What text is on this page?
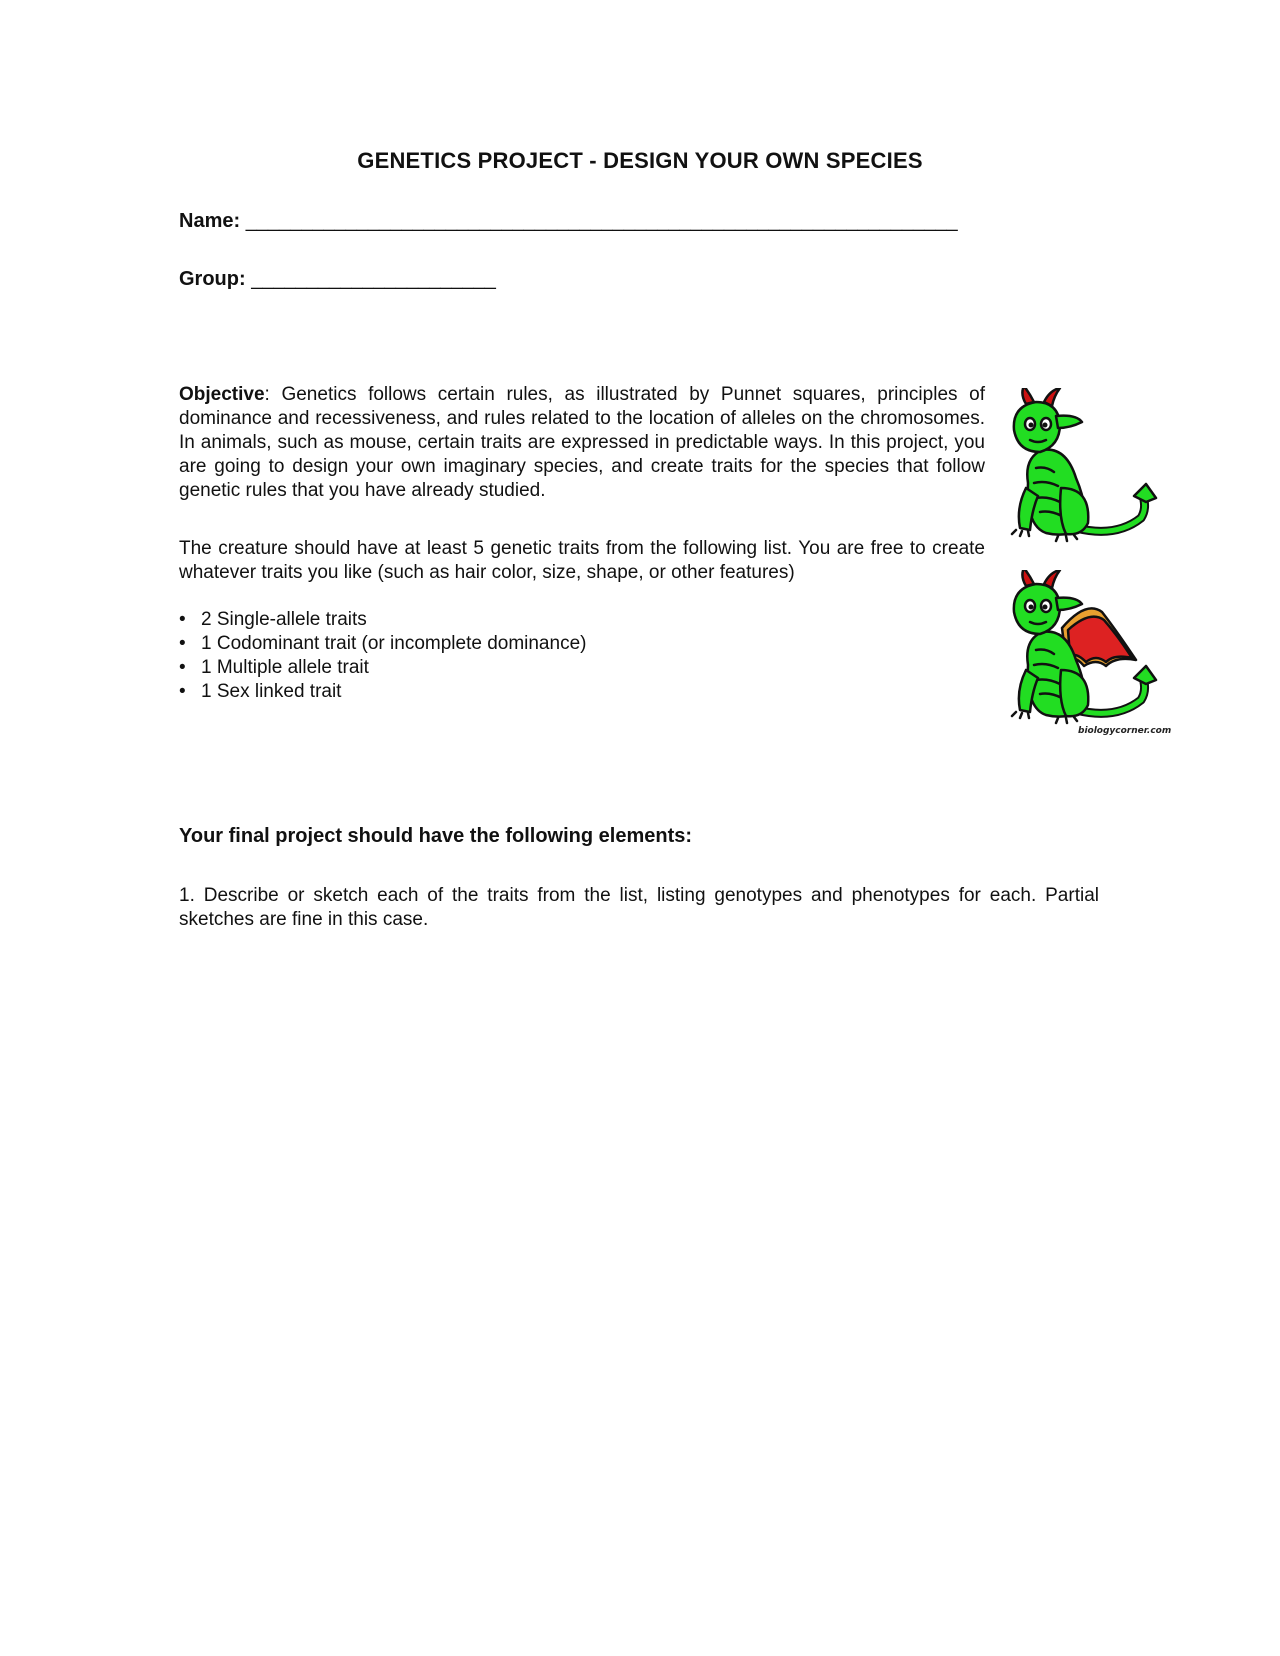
GENETICS PROJECT - DESIGN YOUR OWN SPECIES
Name: ________________________________________________________________
Group: ______________________

Objective: Genetics follows certain rules, as illustrated by Punnet squares, principles of dominance and recessiveness, and rules related to the location of alleles on the chromosomes. In animals, such as mouse, certain traits are expressed in predictable ways. In this project, you are going to design your own imaginary species, and create traits for the species that follow genetic rules that you have already studied.

The creature should have at least 5 genetic traits from the following list. You are free to create whatever traits you like (such as hair color, size, shape, or other features)

• 2 Single-allele traits
• 1 Codominant trait (or incomplete dominance)
• 1 Multiple allele trait
• 1 Sex linked trait
biologycorner.com
Your final project should have the following elements:

1. Describe or sketch each of the traits from the list, listing genotypes and phenotypes for each. Partial sketches are fine in this case.
